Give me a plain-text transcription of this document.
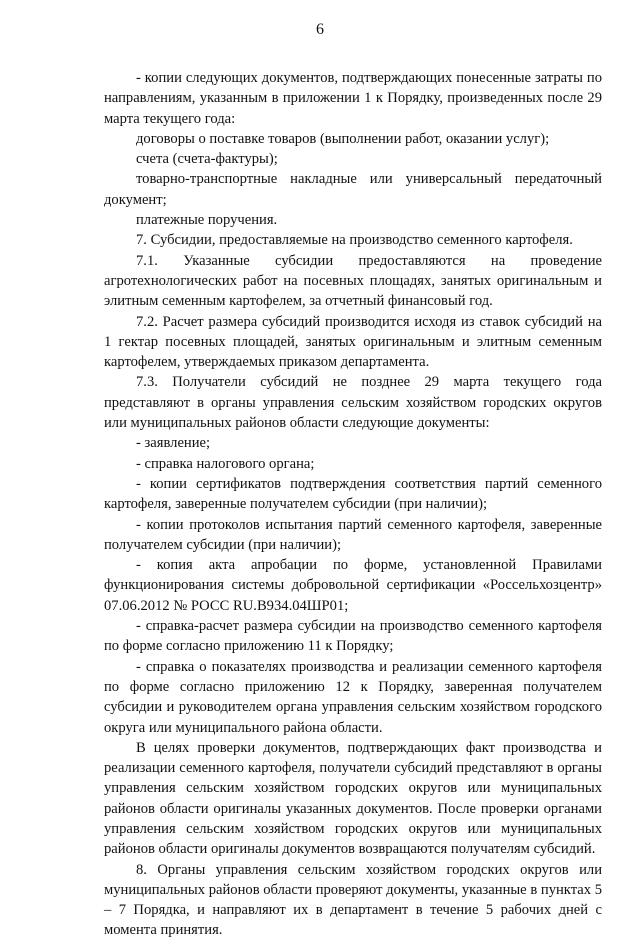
6

- копии следующих документов, подтверждающих понесенные затраты по направлениям, указанным в приложении 1 к Порядку, произведенных после 29 марта текущего года:

договоры о поставке товаров (выполнении работ, оказании услуг);

счета (счета-фактуры);

товарно-транспортные накладные или универсальный передаточный документ;

платежные поручения.

7. Субсидии, предоставляемые на производство семенного картофеля.

7.1. Указанные субсидии предоставляются на проведение агротехнологических работ на посевных площадях, занятых оригинальным и элитным семенным картофелем, за отчетный финансовый год.

7.2. Расчет размера субсидий производится исходя из ставок субсидий на 1 гектар посевных площадей, занятых оригинальным и элитным семенным картофелем, утверждаемых приказом департамента.

7.3. Получатели субсидий не позднее 29 марта текущего года представляют в органы управления сельским хозяйством городских округов или муниципальных районов области следующие документы:

- заявление;

- справка налогового органа;

- копии сертификатов подтверждения соответствия партий семенного картофеля, заверенные получателем субсидии (при наличии);

- копии протоколов испытания партий семенного картофеля, заверенные получателем субсидии (при наличии);

- копия акта апробации по форме, установленной Правилами функционирования системы добровольной сертификации «Россельхозцентр» 07.06.2012 № РОСС RU.В934.04ШР01;

- справка-расчет размера субсидии на производство семенного картофеля по форме согласно приложению 11 к Порядку;

- справка о показателях производства и реализации семенного картофеля по форме согласно приложению 12 к Порядку, заверенная получателем субсидии и руководителем органа управления сельским хозяйством городского округа или муниципального района области.

В целях проверки документов, подтверждающих факт производства и реализации семенного картофеля, получатели субсидий представляют в органы управления сельским хозяйством городских округов или муниципальных районов области оригиналы указанных документов. После проверки органами управления сельским хозяйством городских округов или муниципальных районов области оригиналы документов возвращаются получателям субсидий.

8. Органы управления сельским хозяйством городских округов или муниципальных районов области проверяют документы, указанные в пунктах 5 – 7 Порядка, и направляют их в департамент в течение 5 рабочих дней с момента принятия.
